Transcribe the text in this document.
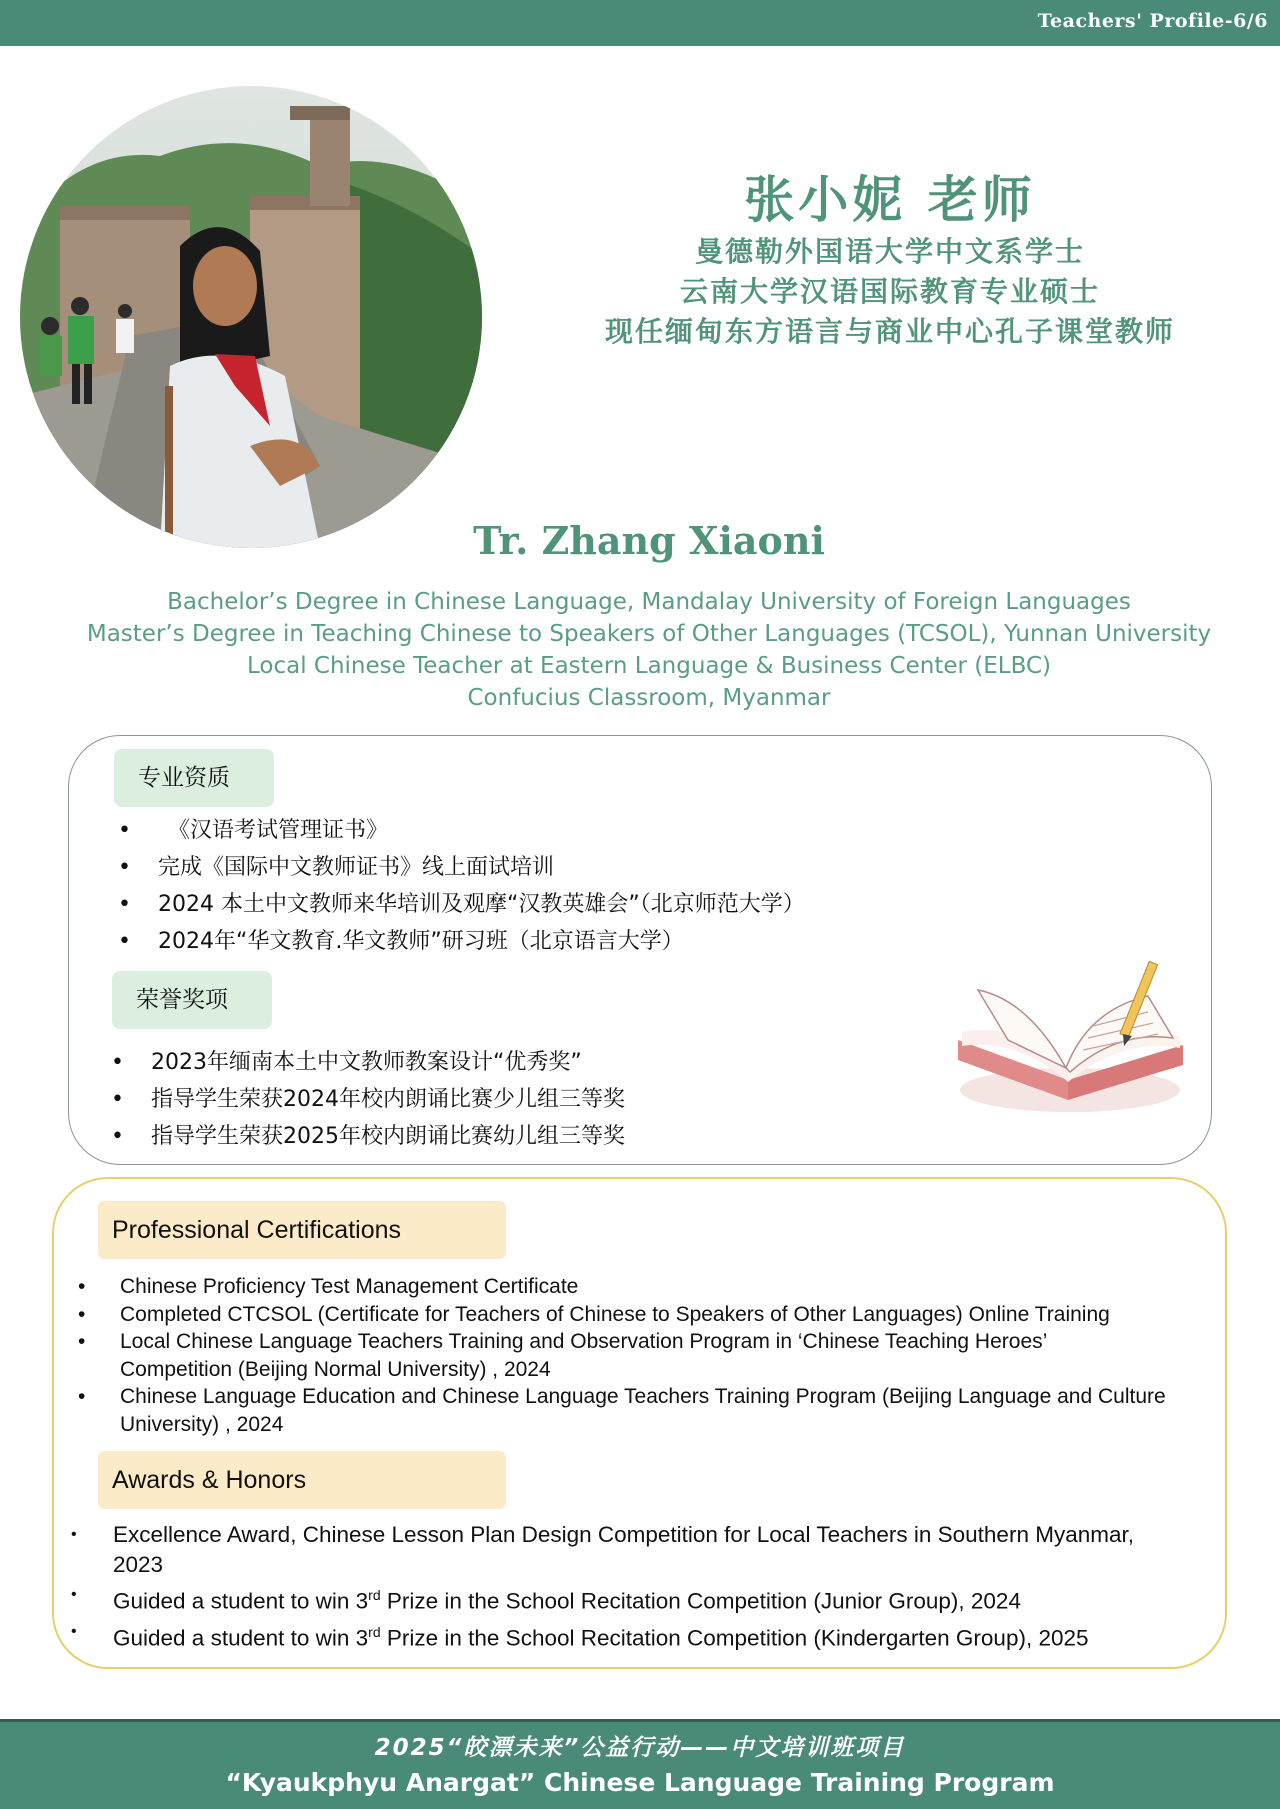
Teachers' Profile-6/6
张小妮 老师
曼德勒外国语大学中文系学士
云南大学汉语国际教育专业硕士
现任缅甸东方语言与商业中心孔子课堂教师
Tr. Zhang Xiaoni
Bachelor’s Degree in Chinese Language, Mandalay University of Foreign Languages
Master’s Degree in Teaching Chinese to Speakers of Other Languages (TCSOL), Yunnan University
Local Chinese Teacher at Eastern Language & Business Center (ELBC)
Confucius Classroom, Myanmar
专业资质
• 《汉语考试管理证书》
• 完成《国际中文教师证书》线上面试培训
• 2024 本土中文教师来华培训及观摩“汉教英雄会”（北京师范大学）
• 2024年“华文教育.华文教师”研习班（北京语言大学）
荣誉奖项
• 2023年缅南本土中文教师教案设计“优秀奖”
• 指导学生荣获2024年校内朗诵比赛少儿组三等奖
• 指导学生荣获2025年校内朗诵比赛幼儿组三等奖
Professional Certifications
• Chinese Proficiency Test Management Certificate
• Completed CTCSOL (Certificate for Teachers of Chinese to Speakers of Other Languages) Online Training
• Local Chinese Language Teachers Training and Observation Program in ‘Chinese Teaching Heroes’ Competition (Beijing Normal University) , 2024
• Chinese Language Education and Chinese Language Teachers Training Program (Beijing Language and Culture University) , 2024
Awards & Honors
• Excellence Award, Chinese Lesson Plan Design Competition for Local Teachers in Southern Myanmar, 2023
• Guided a student to win 3rd Prize in the School Recitation Competition (Junior Group), 2024
• Guided a student to win 3rd Prize in the School Recitation Competition (Kindergarten Group), 2025
2025“皎漂未来”公益行动——中文培训班项目
“Kyaukphyu Anargat” Chinese Language Training Program
